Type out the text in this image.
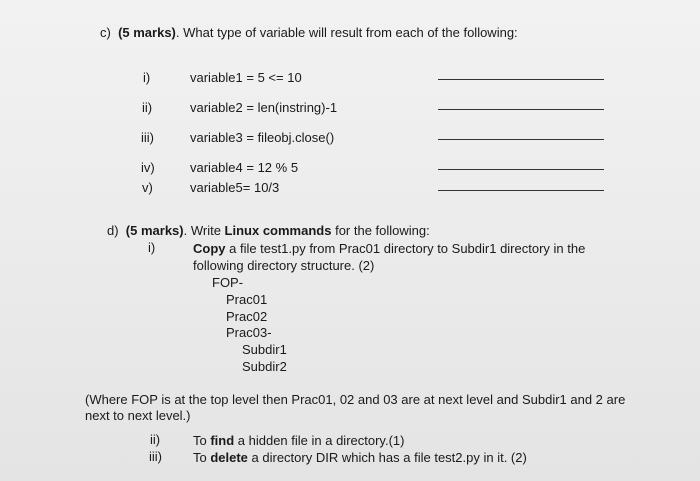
c) (5 marks). What type of variable will result from each of the following:
i)	variable1 = 5 <= 10
ii)	variable2 = len(instring)-1
iii)	variable3 = fileobj.close()
iv)	variable4 = 12 % 5
v)	variable5= 10/3
d) (5 marks). Write Linux commands for the following:
i)	Copy a file test1.py from Prac01 directory to Subdir1 directory in the
following directory structure. (2)
FOP-
Prac01
Prac02
Prac03-
Subdir1
Subdir2
(Where FOP is at the top level then Prac01, 02 and 03 are at next level and Subdir1 and 2 are
next to next level.)
ii)	To find a hidden file in a directory.(1)
iii) To delete a directory DIR which has a file test2.py in it. (2)
